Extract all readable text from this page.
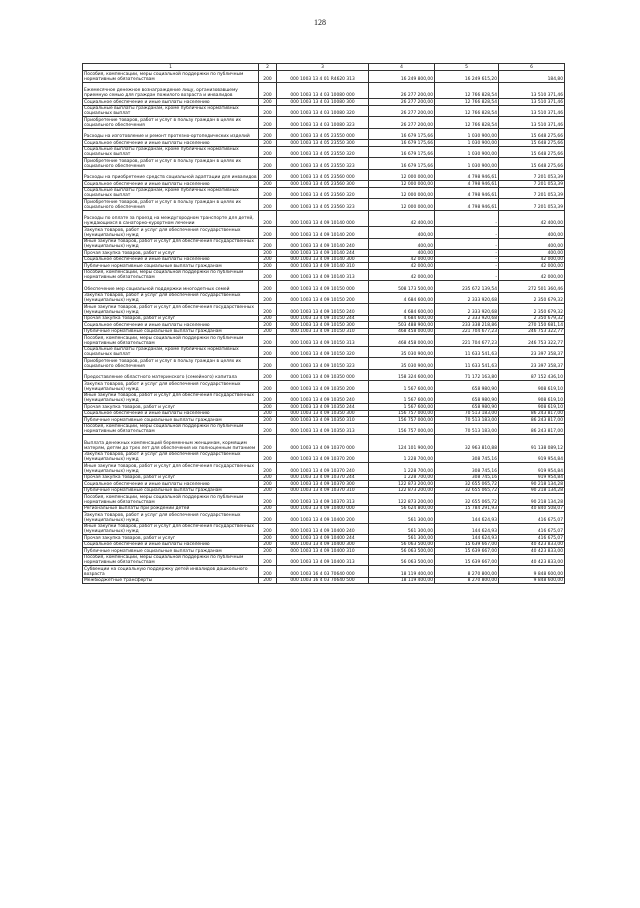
128
1	2	3	4	5	6
Пособия, компенсации, меры социальной поддержки по публичным нормативным обязательствам	200	000 1003 13 4 01 R4620 313	16 249 800,00	16 249 615,20	184,80
Ежемесячное денежное вознаграждение лицу, организовавшему приемную семью для граждан пожилого возраста и инвалидов	200	000 1003 13 4 03 10080 000	26 277 200,00	12 766 828,54	13 510 371,46
Социальное обеспечение и иные выплаты населению	200	000 1003 13 4 03 10080 300	26 277 200,00	12 766 828,54	13 510 371,46
Социальные выплаты гражданам, кроме публичных нормативных социальных выплат	200	000 1003 13 4 03 10080 320	26 277 200,00	12 766 828,54	13 510 371,46
Приобретение товаров, работ и услуг в пользу граждан в целях их социального обеспечения	200	000 1003 13 4 03 10080 323	26 277 200,00	12 766 828,54	13 510 371,46
Расходы на изготовление и ремонт протезно-ортопедических изделий	200	000 1003 13 4 05 23550 000	16 679 175,66	1 030 900,00	15 648 275,66
Социальное обеспечение и иные выплаты населению	200	000 1003 13 4 05 23550 300	16 679 175,66	1 030 900,00	15 648 275,66
Социальные выплаты гражданам, кроме публичных нормативных социальных выплат	200	000 1003 13 4 05 23550 320	16 679 175,66	1 030 900,00	15 648 275,66
Приобретение товаров, работ и услуг в пользу граждан в целях их социального обеспечения	200	000 1003 13 4 05 23550 323	16 679 175,66	1 030 900,00	15 648 275,66
Расходы на приобретение средств социальной адаптации для инвалидов	200	000 1003 13 4 05 23560 000	12 000 000,00	4 798 946,61	7 201 053,39
Социальное обеспечение и иные выплаты населению	200	000 1003 13 4 05 23560 300	12 000 000,00	4 798 946,61	7 201 053,39
Социальные выплаты гражданам, кроме публичных нормативных социальных выплат	200	000 1003 13 4 05 23560 320	12 000 000,00	4 798 946,61	7 201 053,39
Приобретение товаров, работ и услуг в пользу граждан в целях их социального обеспечения	200	000 1003 13 4 05 23560 323	12 000 000,00	4 798 946,61	7 201 053,39
Расходы по оплате за проезд на междугородном транспорте для детей, нуждающихся в санаторно-курортном лечении	200	000 1003 13 4 09 10140 000	42 400,00	-	42 400,00
Закупка товаров, работ и услуг для обеспечения государственных (муниципальных) нужд	200	000 1003 13 4 09 10140 200	400,00	-	400,00
Иные закупки товаров, работ и услуг для обеспечения государственных (муниципальных) нужд	200	000 1003 13 4 09 10140 240	400,00	-	400,00
Прочая закупка товаров, работ и услуг	200	000 1003 13 4 09 10140 244	400,00	-	400,00
Социальное обеспечение и иные выплаты населению	200	000 1003 13 4 09 10140 300	42 000,00	-	42 000,00
Публичные нормативные социальные выплаты гражданам	200	000 1003 13 4 09 10140 310	42 000,00	-	42 000,00
Пособия, компенсации, меры социальной поддержки по публичным нормативным обязательствам	200	000 1003 13 4 09 10140 313	42 000,00	-	42 000,00
Обеспечение мер социальной поддержки многодетных семей	200	000 1003 13 4 09 10150 000	508 173 500,00	235 672 139,54	272 501 360,46
Закупка товаров, работ и услуг для обеспечения государственных (муниципальных) нужд	200	000 1003 13 4 09 10150 200	4 684 600,00	2 333 920,68	2 350 679,32
Иные закупки товаров, работ и услуг для обеспечения государственных (муниципальных) нужд	200	000 1003 13 4 09 10150 240	4 684 600,00	2 333 920,68	2 350 679,32
Прочая закупка товаров, работ и услуг	200	000 1003 13 4 09 10150 244	4 684 600,00	2 333 920,68	2 350 679,32
Социальное обеспечение и иные выплаты населению	200	000 1003 13 4 09 10150 300	503 488 900,00	233 338 218,86	270 150 681,14
Публичные нормативные социальные выплаты гражданам	200	000 1003 13 4 09 10150 310	468 458 000,00	221 704 677,23	246 753 322,77
Пособия, компенсации, меры социальной поддержки по публичным нормативным обязательствам	200	000 1003 13 4 09 10150 313	468 458 000,00	221 704 677,23	246 753 322,77
Социальные выплаты гражданам, кроме публичных нормативных социальных выплат	200	000 1003 13 4 09 10150 320	35 030 900,00	11 633 541,63	23 397 358,37
Приобретение товаров, работ и услуг в пользу граждан в целях их социального обеспечения	200	000 1003 13 4 09 10150 323	35 030 900,00	11 633 541,63	23 397 358,37
Предоставление областного материнского (семейного) капитала	200	000 1003 13 4 09 10350 000	158 324 600,00	71 172 163,80	87 152 436,10
Закупка товаров, работ и услуг для обеспечения государственных (муниципальных) нужд	200	000 1003 13 4 09 10350 200	1 567 600,00	658 980,90	908 619,10
Иные закупки товаров, работ и услуг для обеспечения государственных (муниципальных) нужд	200	000 1003 13 4 09 10350 240	1 567 600,00	658 980,90	908 619,10
Прочая закупка товаров, работ и услуг	200	000 1003 13 4 09 10350 244	1 567 600,00	658 980,90	908 619,10
Социальное обеспечение и иные выплаты населению	200	000 1003 13 4 09 10350 300	156 757 000,00	70 513 183,00	86 243 817,00
Публичные нормативные социальные выплаты гражданам	200	000 1003 13 4 09 10350 310	156 757 000,00	70 513 183,00	86 243 817,00
Пособия, компенсации, меры социальной поддержки по публичным нормативным обязательствам	200	000 1003 13 4 09 10350 313	156 757 000,00	70 513 183,00	86 243 817,00
Выплата денежных компенсаций беременным женщинам, кормящим матерям, детям до трех лет для обеспечения их полноценным питанием	200	000 1003 13 4 09 10370 000	124 101 900,00	32 963 810,88	91 138 089,12
Закупка товаров, работ и услуг для обеспечения государственных (муниципальных) нужд	200	000 1003 13 4 09 10370 200	1 228 700,00	308 745,16	919 954,84
Иные закупки товаров, работ и услуг для обеспечения государственных (муниципальных) нужд	200	000 1003 13 4 09 10370 240	1 228 700,00	308 745,16	919 954,84
Прочая закупка товаров, работ и услуг	200	000 1003 13 4 09 10370 244	1 228 700,00	308 745,16	919 954,84
Социальное обеспечение и иные выплаты населению	200	000 1003 13 4 09 10370 300	122 873 200,00	32 655 065,72	90 218 134,28
Публичные нормативные социальные выплаты гражданам	200	000 1003 13 4 09 10370 310	122 873 200,00	32 655 065,72	90 218 134,28
Пособия, компенсации, меры социальной поддержки по публичным нормативным обязательствам	200	000 1003 13 4 09 10370 313	122 873 200,00	32 655 065,72	90 218 134,28
Региональные выплаты при рождении детей	200	000 1003 13 4 09 10400 000	56 624 800,00	15 784 291,93	40 840 508,07
Закупка товаров, работ и услуг для обеспечения государственных (муниципальных) нужд	200	000 1003 13 4 09 10400 200	561 300,00	144 624,93	416 675,07
Иные закупки товаров, работ и услуг для обеспечения государственных (муниципальных) нужд	200	000 1003 13 4 09 10400 240	561 300,00	144 624,93	416 675,07
Прочая закупка товаров, работ и услуг	200	000 1003 13 4 09 10400 244	561 300,00	144 624,93	416 675,07
Социальное обеспечение и иные выплаты населению	200	000 1003 13 4 09 10400 300	56 063 500,00	15 639 667,00	40 423 833,00
Публичные нормативные социальные выплаты гражданам	200	000 1003 13 4 09 10400 310	56 063 500,00	15 639 667,00	40 423 833,00
Пособия, компенсации, меры социальной поддержки по публичным нормативным обязательствам	200	000 1003 13 4 09 10400 313	56 063 500,00	15 639 667,00	40 423 833,00
Субвенции на социальную поддержку детей инвалидов дошкольного возраста	200	000 1003 16 4 03 70640 000	18 119 400,00	8 270 800,00	9 848 600,00
Межбюджетные трансферты	200	000 1003 16 4 03 70640 500	18 119 400,00	8 270 800,00	9 848 600,00
